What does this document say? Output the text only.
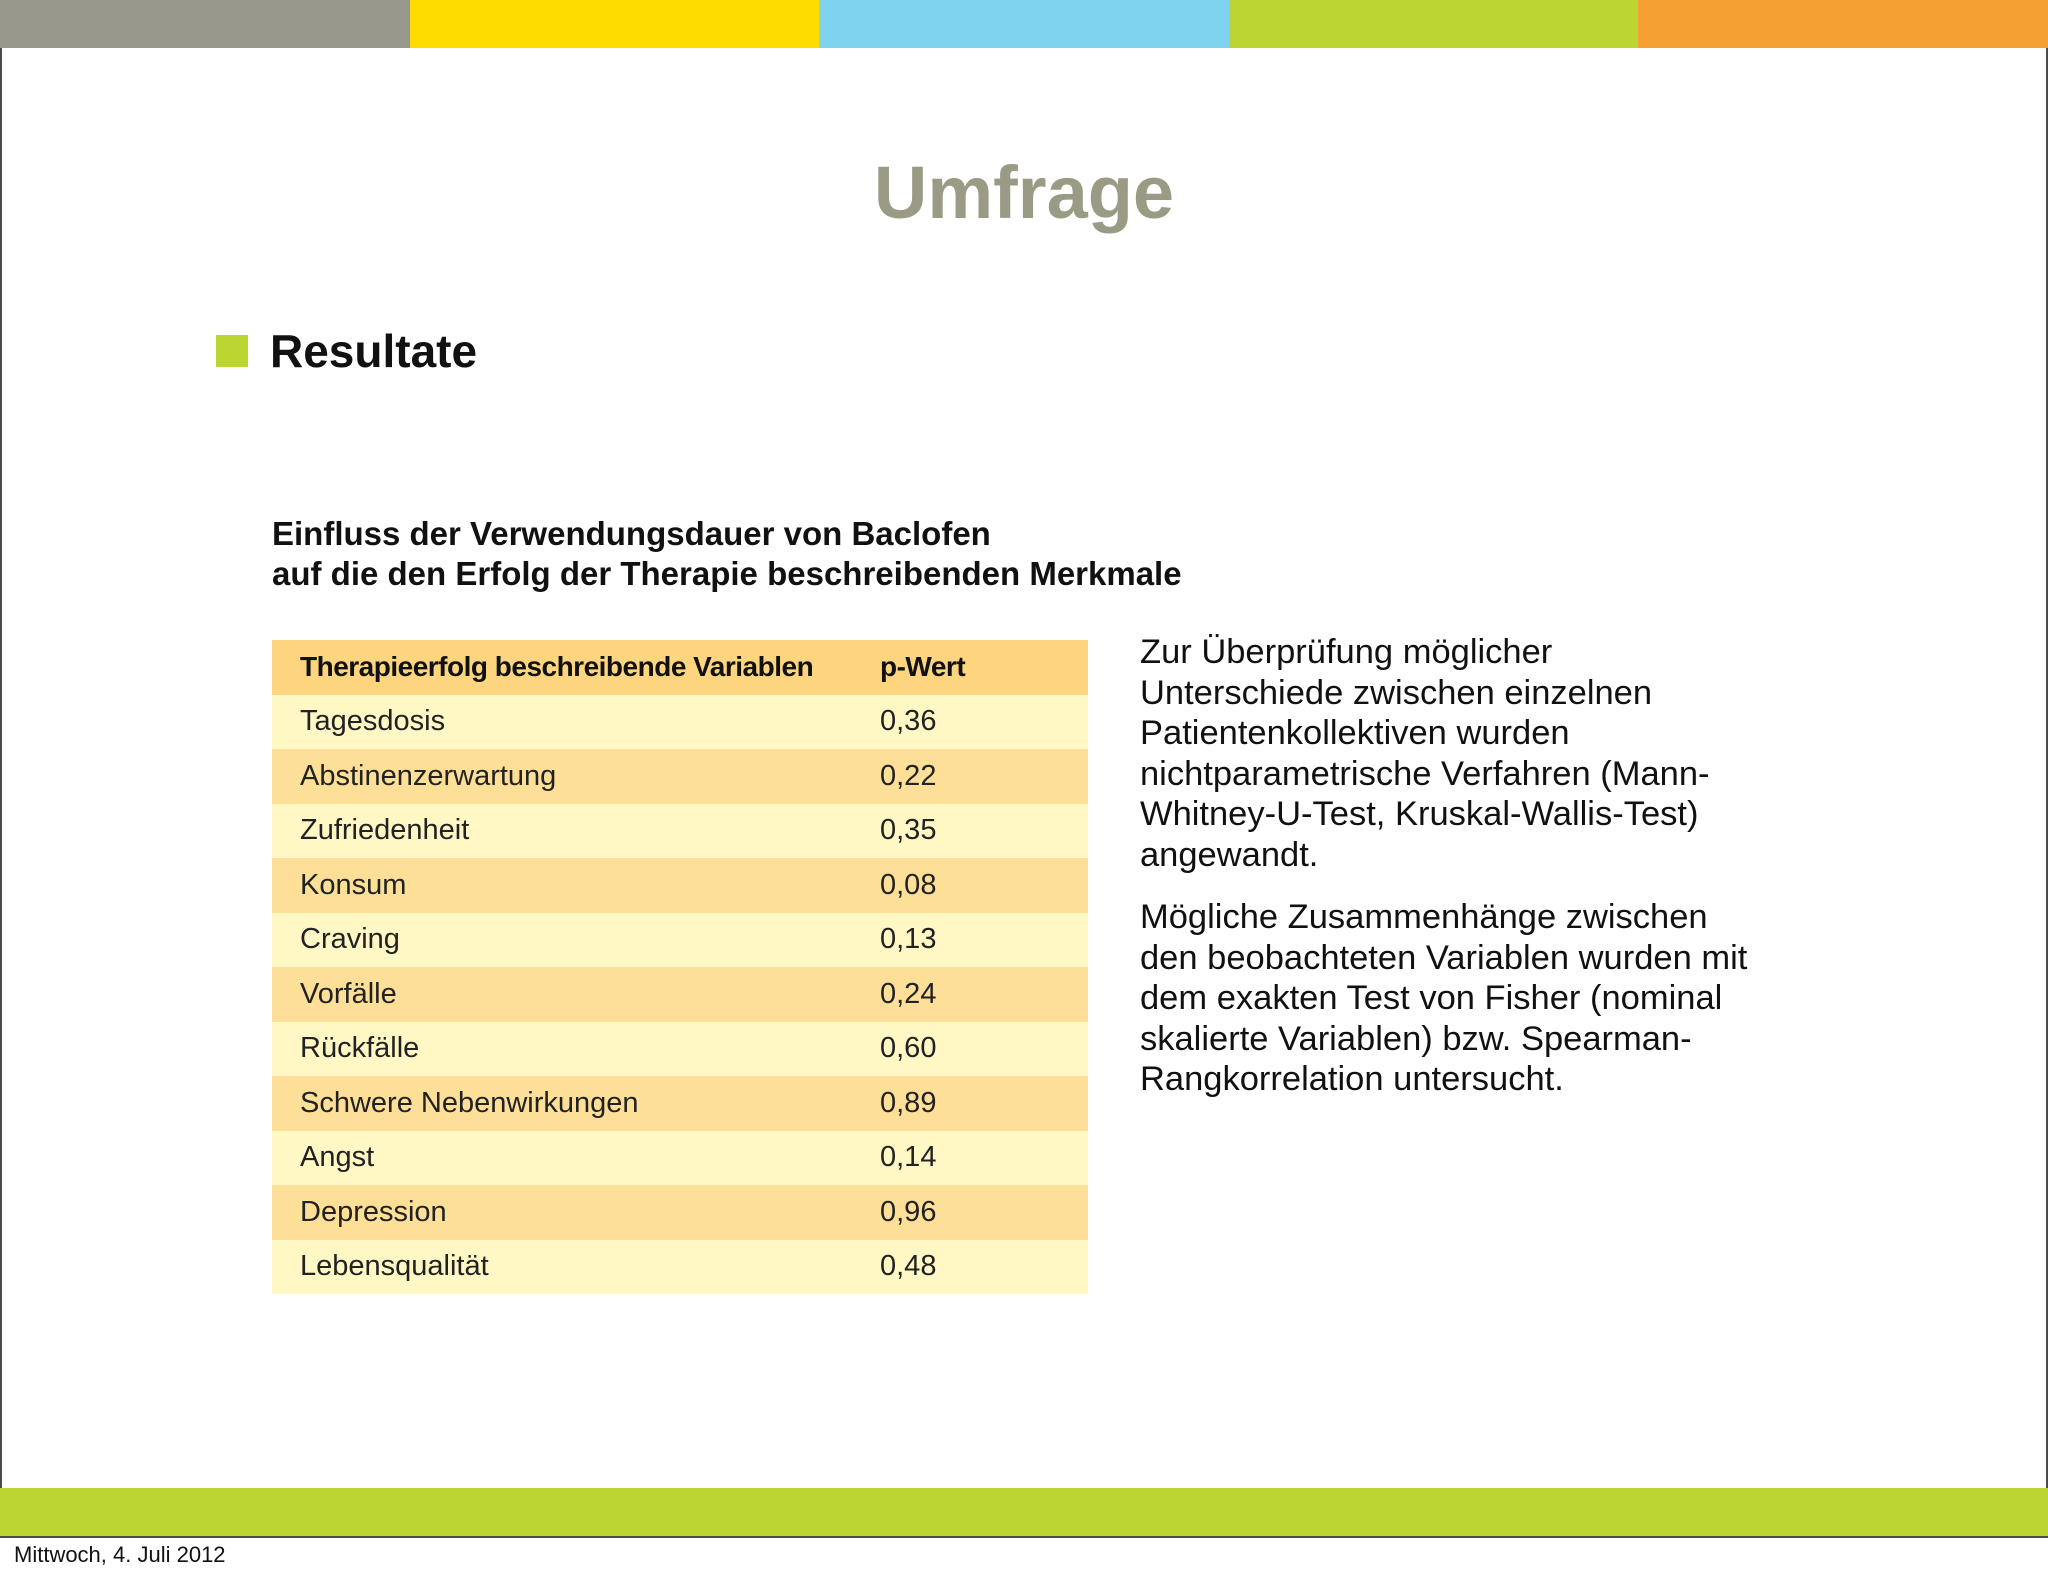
Umfrage
Resultate
Einfluss der Verwendungsdauer von Baclofen
auf die den Erfolg der Therapie beschreibenden Merkmale
Therapieerfolg beschreibende Variablen	p-Wert
Tagesdosis	0,36
Abstinenzerwartung	0,22
Zufriedenheit	0,35
Konsum	0,08
Craving	0,13
Vorfälle	0,24
Rückfälle	0,60
Schwere Nebenwirkungen	0,89
Angst	0,14
Depression	0,96
Lebensqualität	0,48

Zur Überprüfung möglicher Unterschiede zwischen einzelnen Patientenkollektiven wurden nichtparametrische Verfahren (Mann-Whitney-U-Test, Kruskal-Wallis-Test) angewandt.

Mögliche Zusammenhänge zwischen den beobachteten Variablen wurden mit dem exakten Test von Fisher (nominal skalierte Variablen) bzw. Spearman-Rangkorrelation untersucht.

Mittwoch, 4. Juli 2012
